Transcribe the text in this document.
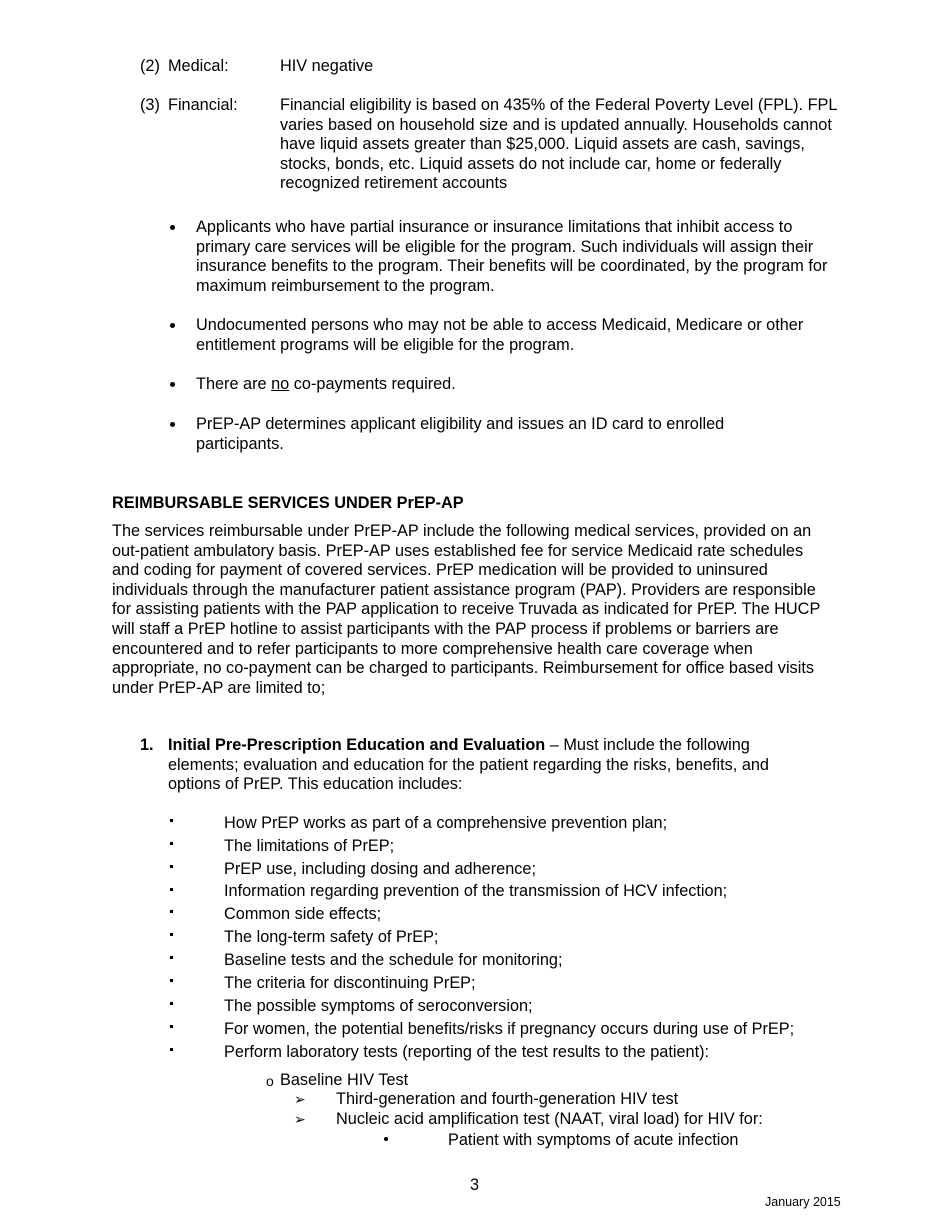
(2) Medical:	HIV negative
(3) Financial:	Financial eligibility is based on 435% of the Federal Poverty Level (FPL). FPL varies based on household size and is updated annually. Households cannot have liquid assets greater than $25,000. Liquid assets are cash, savings, stocks, bonds, etc. Liquid assets do not include car, home or federally recognized retirement accounts

Applicants who have partial insurance or insurance limitations that inhibit access to primary care services will be eligible for the program. Such individuals will assign their insurance benefits to the program. Their benefits will be coordinated, by the program for maximum reimbursement to the program.

Undocumented persons who may not be able to access Medicaid, Medicare or other entitlement programs will be eligible for the program.

There are no co-payments required.

PrEP-AP determines applicant eligibility and issues an ID card to enrolled participants.

REIMBURSABLE SERVICES UNDER PrEP-AP

The services reimbursable under PrEP-AP include the following medical services, provided on an out-patient ambulatory basis. PrEP-AP uses established fee for service Medicaid rate schedules and coding for payment of covered services. PrEP medication will be provided to uninsured individuals through the manufacturer patient assistance program (PAP). Providers are responsible for assisting patients with the PAP application to receive Truvada as indicated for PrEP. The HUCP will staff a PrEP hotline to assist participants with the PAP process if problems or barriers are encountered and to refer participants to more comprehensive health care coverage when appropriate, no co-payment can be charged to participants. Reimbursement for office based visits under PrEP-AP are limited to;

1. Initial Pre-Prescription Education and Evaluation – Must include the following elements; evaluation and education for the patient regarding the risks, benefits, and options of PrEP. This education includes:

How PrEP works as part of a comprehensive prevention plan;

The limitations of PrEP;

PrEP use, including dosing and adherence;

Information regarding prevention of the transmission of HCV infection;

Common side effects;

The long-term safety of PrEP;

Baseline tests and the schedule for monitoring;

The criteria for discontinuing PrEP;

The possible symptoms of seroconversion;

For women, the potential benefits/risks if pregnancy occurs during use of PrEP;

Perform laboratory tests (reporting of the test results to the patient):

o Baseline HIV Test

➢ Third-generation and fourth-generation HIV test

➢ Nucleic acid amplification test (NAAT, viral load) for HIV for:

Patient with symptoms of acute infection

3
January 2015
